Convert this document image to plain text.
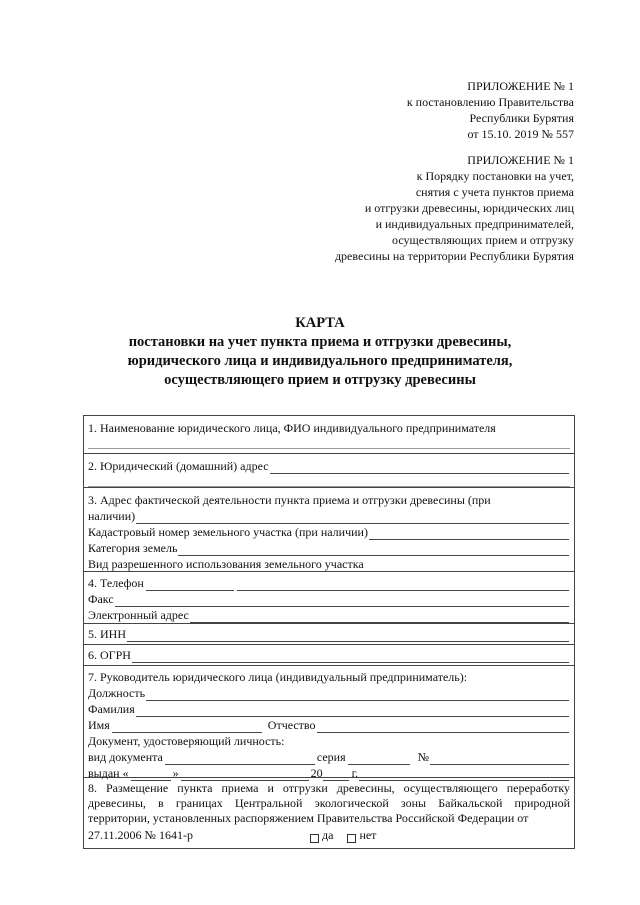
ПРИЛОЖЕНИЕ № 1
к постановлению Правительства
Республики Бурятия
от 15.10. 2019 № 557
ПРИЛОЖЕНИЕ № 1
к Порядку постановки на учет,
снятия с учета пунктов приема
и отгрузки древесины, юридических лиц
и индивидуальных предпринимателей,
осуществляющих прием и отгрузку
древесины на территории Республики Бурятия
КАРТА
постановки на учет пункта приема и отгрузки древесины,
юридического лица и индивидуального предпринимателя,
осуществляющего прием и отгрузку древесины
1. Наименование юридического лица, ФИО индивидуального предпринимателя
2. Юридический (домашний) адрес
3. Адрес фактической деятельности пункта приема и отгрузки древесины (при
наличии)
Кадастровый номер земельного участка (при наличии)
Категория земель
Вид разрешенного использования земельного участка
4. Телефон
Факс
Электронный адрес
5. ИНН
6. ОГРН
7. Руководитель юридического лица (индивидуальный предприниматель):
Должность
Фамилия
Имя	Отчество
Документ, удостоверяющий личность:
вид документа	серия	№
выдан «	»	20 г.
8. Размещение пункта приема и отгрузки древесины, осуществляющего переработку древесины, в границах Центральной экологической зоны Байкальской природной территории, установленных распоряжением Правительства Российской Федерации от
27.11.2006 № 1641-р	да нет
